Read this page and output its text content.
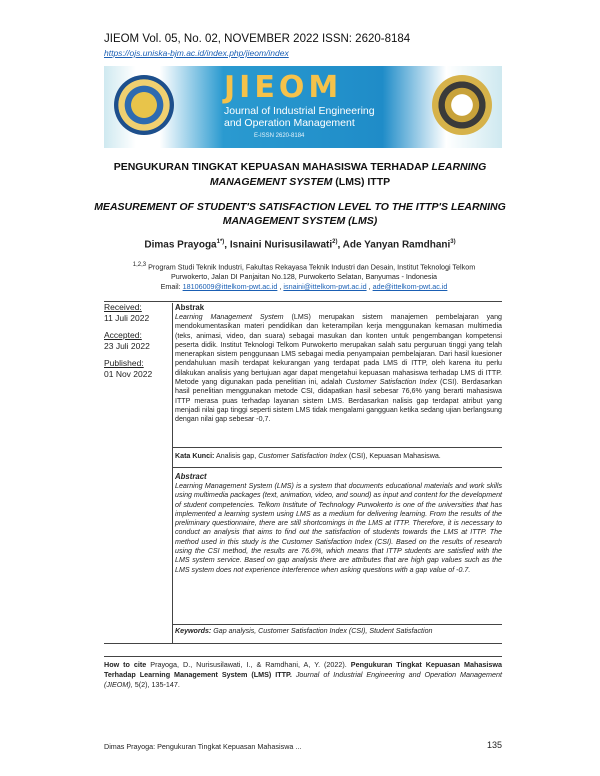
JIEOM Vol. 05, No. 02, NOVEMBER 2022 ISSN: 2620-8184
https://ojs.uniska-bjm.ac.id/index.php/jieom/index
JIEOM
Journal of Industrial Engineering
and Operation Management
E-ISSN 2620-8184
PENGUKURAN TINGKAT KEPUASAN MAHASISWA TERHADAP LEARNING MANAGEMENT SYSTEM (LMS) ITTP
MEASUREMENT OF STUDENT'S SATISFACTION LEVEL TO THE ITTP'S LEARNING MANAGEMENT SYSTEM (LMS)
Dimas Prayoga$^{1*)}$, Isnaini Nurisusilawati$^{2)}$, Ade Yanyan Ramdhani$^{3)}$
$^{1,2,3}$ Program Studi Teknik Industri, Fakultas Rekayasa Teknik Industri dan Desain, Institut Teknologi Telkom
Purwokerto, Jalan DI Panjaitan No.128, Purwokerto Selatan, Banyumas - Indonesia
Email: 18106009@ittelkom-pwt.ac.id , isnaini@ittelkom-pwt.ac.id , ade@ittelkom-pwt.ac.id
Received:
11 Juli 2022
Accepted:
23 Juli 2022
Published:
01 Nov 2022
Abstrak
Learning Management System (LMS) merupakan sistem manajemen pembelajaran yang mendokumentasikan materi pendidikan dan keterampilan kerja menggunakan kemasan multimedia (teks, animasi, video, dan suara) sebagai masukan dan konten untuk pengembangan kompetensi peserta didik. Institut Teknologi Telkom Purwokerto merupakan salah satu perguruan tinggi yang telah menerapkan sistem penggunaan LMS sebagai media penyampaian pembelajaran. Dari hasil kuesioner pendahuluan masih terdapat kekurangan yang terdapat pada LMS di ITTP, oleh karena itu perlu dilakukan analisis yang bertujuan agar dapat mengetahui kepuasan mahasiswa terhadap LMS di ITTP. Metode yang digunakan pada penelitian ini, adalah Customer Satisfaction Index (CSI). Berdasarkan hasil penelitian menggunakan metode CSI, didapatkan hasil sebesar 76,6% yang berarti mahasiswa ITTP merasa puas terhadap layanan sistem LMS. Berdasarkan nalisis gap terdapat atribut yang menjadi nilai gap tinggi seperti sistem LMS tidak mengalami gangguan ketika sedang ujian berlangsung dengan nilai gap sebesar -0,7.
Kata Kunci: Analisis gap, Customer Satisfaction Index (CSI), Kepuasan Mahasiswa.
Abstract
Learning Management System (LMS) is a system that documents educational materials and work skills using multimedia packages (text, animation, video, and sound) as input and content for the development of student competencies. Telkom Institute of Technology Purwokerto is one of the universities that has implemented a learning system using LMS as a medium for delivering learning. From the results of the preliminary questionnaire, there are still shortcomings in the LMS at ITTP. Therefore, it is necessary to conduct an analysis that aims to find out the satisfaction of students towards the LMS at ITTP. The method used in this study is the Customer Satisfaction Index (CSI). Based on the results of research using the CSI method, the results are 76.6%, which means that ITTP students are satisfied with the LMS system service. Based on gap analysis there are attributes that are high gap values such as the LMS system does not experience interference when asking questions with a gap value of -0.7.
Keywords: Gap analysis, Customer Satisfaction Index (CSI), Student Satisfaction
How to cite Prayoga, D., Nurisusilawati, I., & Ramdhani, A, Y. (2022). Pengukuran Tingkat Kepuasan Mahasiswa Terhadap Learning Management System (LMS) ITTP. Journal of Industrial Engineering and Operation Management (JIEOM), 5(2), 135-147.
Dimas Prayoga: Pengukuran Tingkat Kepuasan Mahasiswa ...	135
